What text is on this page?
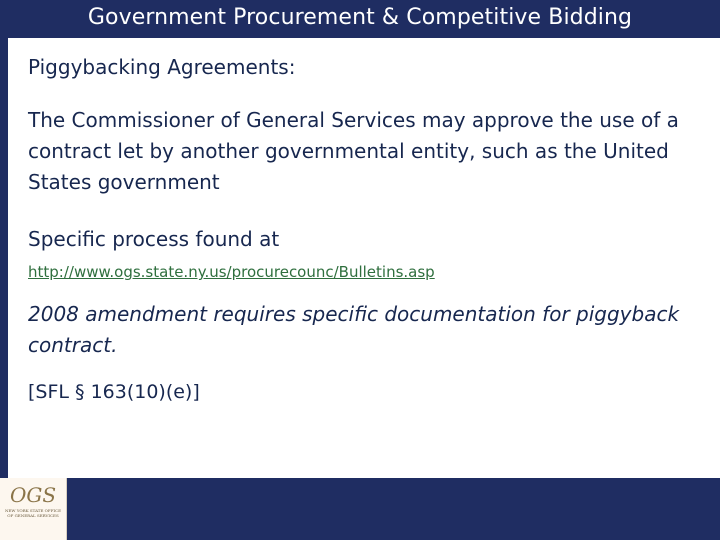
Government Procurement & Competitive Bidding

Piggybacking Agreements:

The Commissioner of General Services may approve the use of a contract let by another governmental entity, such as the United States government

Specific process found at

http://www.ogs.state.ny.us/procurecounc/Bulletins.asp

2008 amendment requires specific documentation for piggyback contract.

[SFL § 163(10)(e)]

OGS
NEW YORK STATE OFFICE OF GENERAL SERVICES
